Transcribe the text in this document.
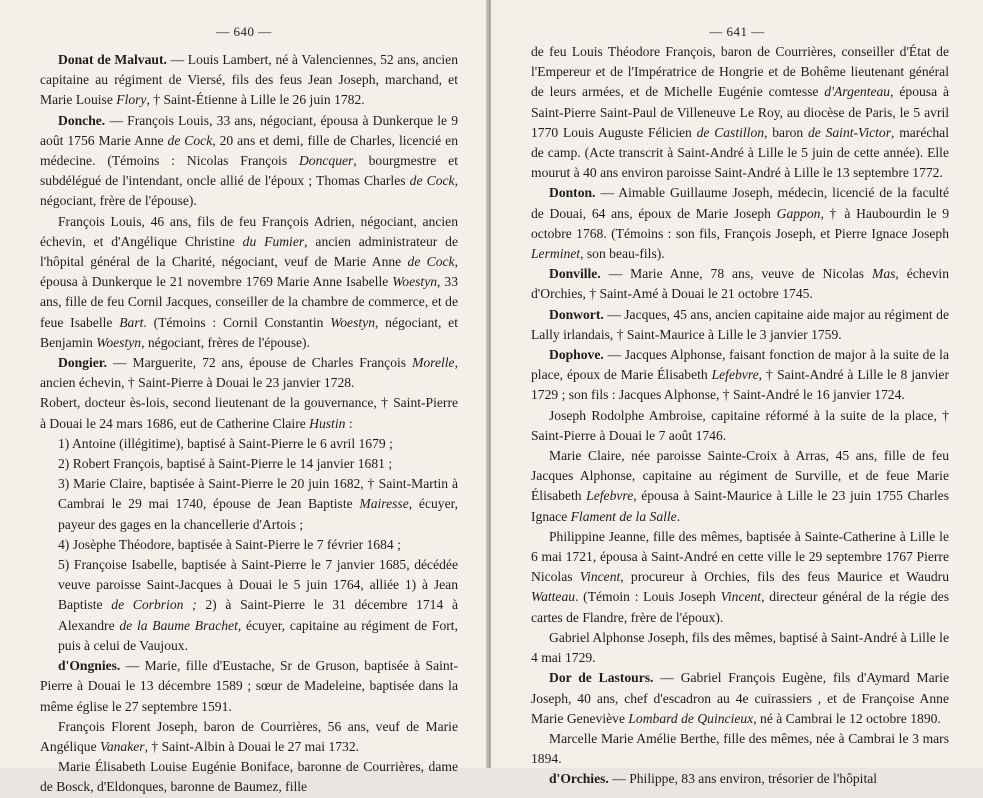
— 640 —

Donat de Malvaut. — Louis Lambert, né à Valenciennes, 52 ans, ancien capitaine au régiment de Viersé, fils des feus Jean Joseph, marchand, et Marie Louise Flory, † Saint-Étienne à Lille le 26 juin 1782.

Donche. — François Louis, 33 ans, négociant, épousa à Dunkerque le 9 août 1756 Marie Anne de Cock, 20 ans et demi, fille de Charles, licencié en médecine. (Témoins : Nicolas François Doncquer, bourgmestre et subdélégué de l'intendant, oncle allié de l'époux ; Thomas Charles de Cock, négociant, frère de l'épouse).

François Louis, 46 ans, fils de feu François Adrien, négociant, ancien échevin, et d'Angélique Christine du Fumier, ancien administrateur de l'hôpital général de la Charité, négociant, veuf de Marie Anne de Cock, épousa à Dunkerque le 21 novembre 1769 Marie Anne Isabelle Woestyn, 33 ans, fille de feu Cornil Jacques, conseiller de la chambre de commerce, et de feue Isabelle Bart. (Témoins : Cornil Constantin Woestyn, négociant, et Benjamin Woestyn, négociant, frères de l'épouse).

Dongier. — Marguerite, 72 ans, épouse de Charles François Morelle, ancien échevin, † Saint-Pierre à Douai le 23 janvier 1728.

Robert, docteur ès-lois, second lieutenant de la gouvernance, † Saint-Pierre à Douai le 24 mars 1686, eut de Catherine Claire Hustin :

1) Antoine (illégitime), baptisé à Saint-Pierre le 6 avril 1679 ;

2) Robert François, baptisé à Saint-Pierre le 14 janvier 1681 ;

3) Marie Claire, baptisée à Saint-Pierre le 20 juin 1682, † Saint-Martin à Cambrai le 29 mai 1740, épouse de Jean Baptiste Mairesse, écuyer, payeur des gages en la chancellerie d'Artois ;

4) Josèphe Théodore, baptisée à Saint-Pierre le 7 février 1684 ;

5) Françoise Isabelle, baptisée à Saint-Pierre le 7 janvier 1685, décédée veuve paroisse Saint-Jacques à Douai le 5 juin 1764, alliée 1) à Jean Baptiste de Corbrion ; 2) à Saint-Pierre le 31 décembre 1714 à Alexandre de la Baume Brachet, écuyer, capitaine au régiment de Fort, puis à celui de Vaujoux.

d'Ongnies. — Marie, fille d'Eustache, Sr de Gruson, baptisée à Saint-Pierre à Douai le 13 décembre 1589 ; sœur de Madeleine, baptisée dans la même église le 27 septembre 1591.

François Florent Joseph, baron de Courrières, 56 ans, veuf de Marie Angélique Vanaker, † Saint-Albin à Douai le 27 mai 1732.

Marie Élisabeth Louise Eugénie Boniface, baronne de Courrières, dame de Bosck, d'Eldonques, baronne de Baumez, fille

— 641 —

de feu Louis Théodore François, baron de Courrières, conseiller d'État de l'Empereur et de l'Impératrice de Hongrie et de Bohême lieutenant général de leurs armées, et de Michelle Eugénie comtesse d'Argenteau, épousa à Saint-Pierre Saint-Paul de Villeneuve Le Roy, au diocèse de Paris, le 5 avril 1770 Louis Auguste Félicien de Castillon, baron de Saint-Victor, maréchal de camp. (Acte transcrit à Saint-André à Lille le 5 juin de cette année). Elle mourut à 40 ans environ paroisse Saint-André à Lille le 13 septembre 1772.

Donton. — Aimable Guillaume Joseph, médecin, licencié de la faculté de Douai, 64 ans, époux de Marie Joseph Gappon, † à Haubourdin le 9 octobre 1768. (Témoins : son fils, François Joseph, et Pierre Ignace Joseph Lerminet, son beau-fils).

Donville. — Marie Anne, 78 ans, veuve de Nicolas Mas, échevin d'Orchies, † Saint-Amé à Douai le 21 octobre 1745.

Donwort. — Jacques, 45 ans, ancien capitaine aide major au régiment de Lally irlandais, † Saint-Maurice à Lille le 3 janvier 1759.

Dophove. — Jacques Alphonse, faisant fonction de major à la suite de la place, époux de Marie Élisabeth Lefebvre, † Saint-André à Lille le 8 janvier 1729 ; son fils : Jacques Alphonse, † Saint-André le 16 janvier 1724.

Joseph Rodolphe Ambroise, capitaine réformé à la suite de la place, † Saint-Pierre à Douai le 7 août 1746.

Marie Claire, née paroisse Sainte-Croix à Arras, 45 ans, fille de feu Jacques Alphonse, capitaine au régiment de Surville, et de feue Marie Élisabeth Lefebvre, épousa à Saint-Maurice à Lille le 23 juin 1755 Charles Ignace Flament de la Salle.

Philippine Jeanne, fille des mêmes, baptisée à Sainte-Catherine à Lille le 6 mai 1721, épousa à Saint-André en cette ville le 29 septembre 1767 Pierre Nicolas Vincent, procureur à Orchies, fils des feus Maurice et Waudru Watteau. (Témoin : Louis Joseph Vincent, directeur général de la régie des cartes de Flandre, frère de l'époux).

Gabriel Alphonse Joseph, fils des mêmes, baptisé à Saint-André à Lille le 4 mai 1729.

Dor de Lastours. — Gabriel François Eugène, fils d'Aymard Marie Joseph, 40 ans, chef d'escadron au 4e cuirassiers , et de Françoise Anne Marie Geneviève Lombard de Quincieux, né à Cambrai le 12 octobre 1890.

Marcelle Marie Amélie Berthe, fille des mêmes, née à Cambrai le 3 mars 1894.

d'Orchies. — Philippe, 83 ans environ, trésorier de l'hôpital
